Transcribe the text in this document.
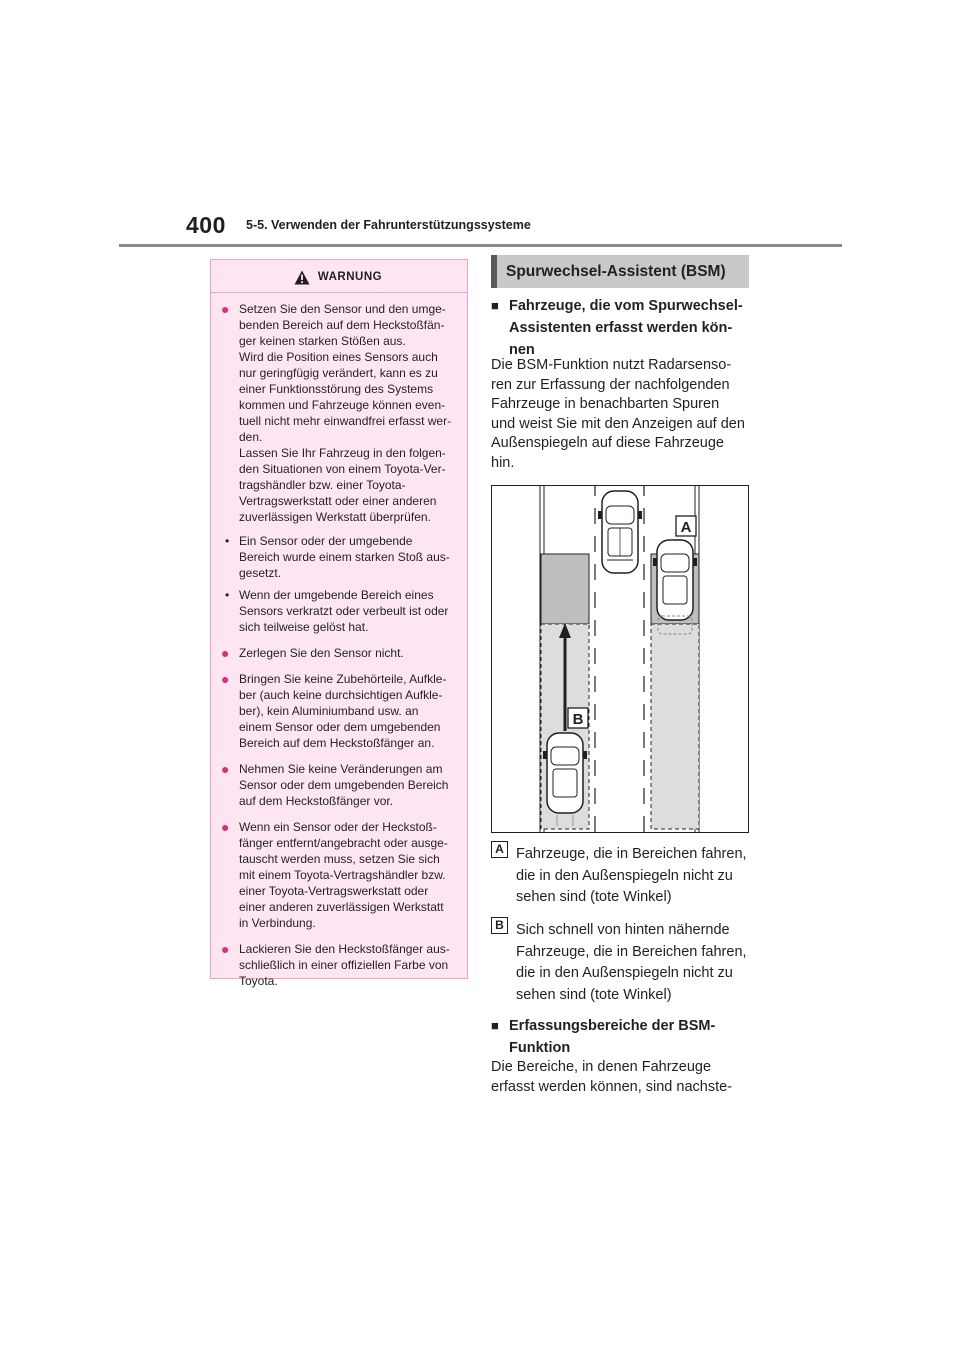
400 5-5. Verwenden der Fahrunterstützungssysteme
WARNUNG
● Setzen Sie den Sensor und den umge-
benden Bereich auf dem Heckstoßfän-
ger keinen starken Stößen aus.
Wird die Position eines Sensors auch
nur geringfügig verändert, kann es zu
einer Funktionsstörung des Systems
kommen und Fahrzeuge können even-
tuell nicht mehr einwandfrei erfasst wer-
den.
Lassen Sie Ihr Fahrzeug in den folgen-
den Situationen von einem Toyota-Ver-
tragshändler bzw. einer Toyota-
Vertragswerkstatt oder einer anderen
zuverlässigen Werkstatt überprüfen.
• Ein Sensor oder der umgebende
Bereich wurde einem starken Stoß aus-
gesetzt.
• Wenn der umgebende Bereich eines
Sensors verkratzt oder verbeult ist oder
sich teilweise gelöst hat.
● Zerlegen Sie den Sensor nicht.
● Bringen Sie keine Zubehörteile, Aufkle-
ber (auch keine durchsichtigen Aufkle-
ber), kein Aluminiumband usw. an
einem Sensor oder dem umgebenden
Bereich auf dem Heckstoßfänger an.
● Nehmen Sie keine Veränderungen am
Sensor oder dem umgebenden Bereich
auf dem Heckstoßfänger vor.
● Wenn ein Sensor oder der Heckstoß-
fänger entfernt/angebracht oder ausge-
tauscht werden muss, setzen Sie sich
mit einem Toyota-Vertragshändler bzw.
einer Toyota-Vertragswerkstatt oder
einer anderen zuverlässigen Werkstatt
in Verbindung.
● Lackieren Sie den Heckstoßfänger aus-
schließlich in einer offiziellen Farbe von
Toyota.
Spurwechsel-Assistent (BSM)
■ Fahrzeuge, die vom Spurwechsel-
Assistenten erfasst werden kön-
nen
Die BSM-Funktion nutzt Radarsenso-
ren zur Erfassung der nachfolgenden
Fahrzeuge in benachbarten Spuren
und weist Sie mit den Anzeigen auf den
Außenspiegeln auf diese Fahrzeuge
hin.
A
B
A Fahrzeuge, die in Bereichen fahren,
die in den Außenspiegeln nicht zu
sehen sind (tote Winkel)
B Sich schnell von hinten nähernde
Fahrzeuge, die in Bereichen fahren,
die in den Außenspiegeln nicht zu
sehen sind (tote Winkel)
■ Erfassungsbereiche der BSM-
Funktion
Die Bereiche, in denen Fahrzeuge
erfasst werden können, sind nachste-
